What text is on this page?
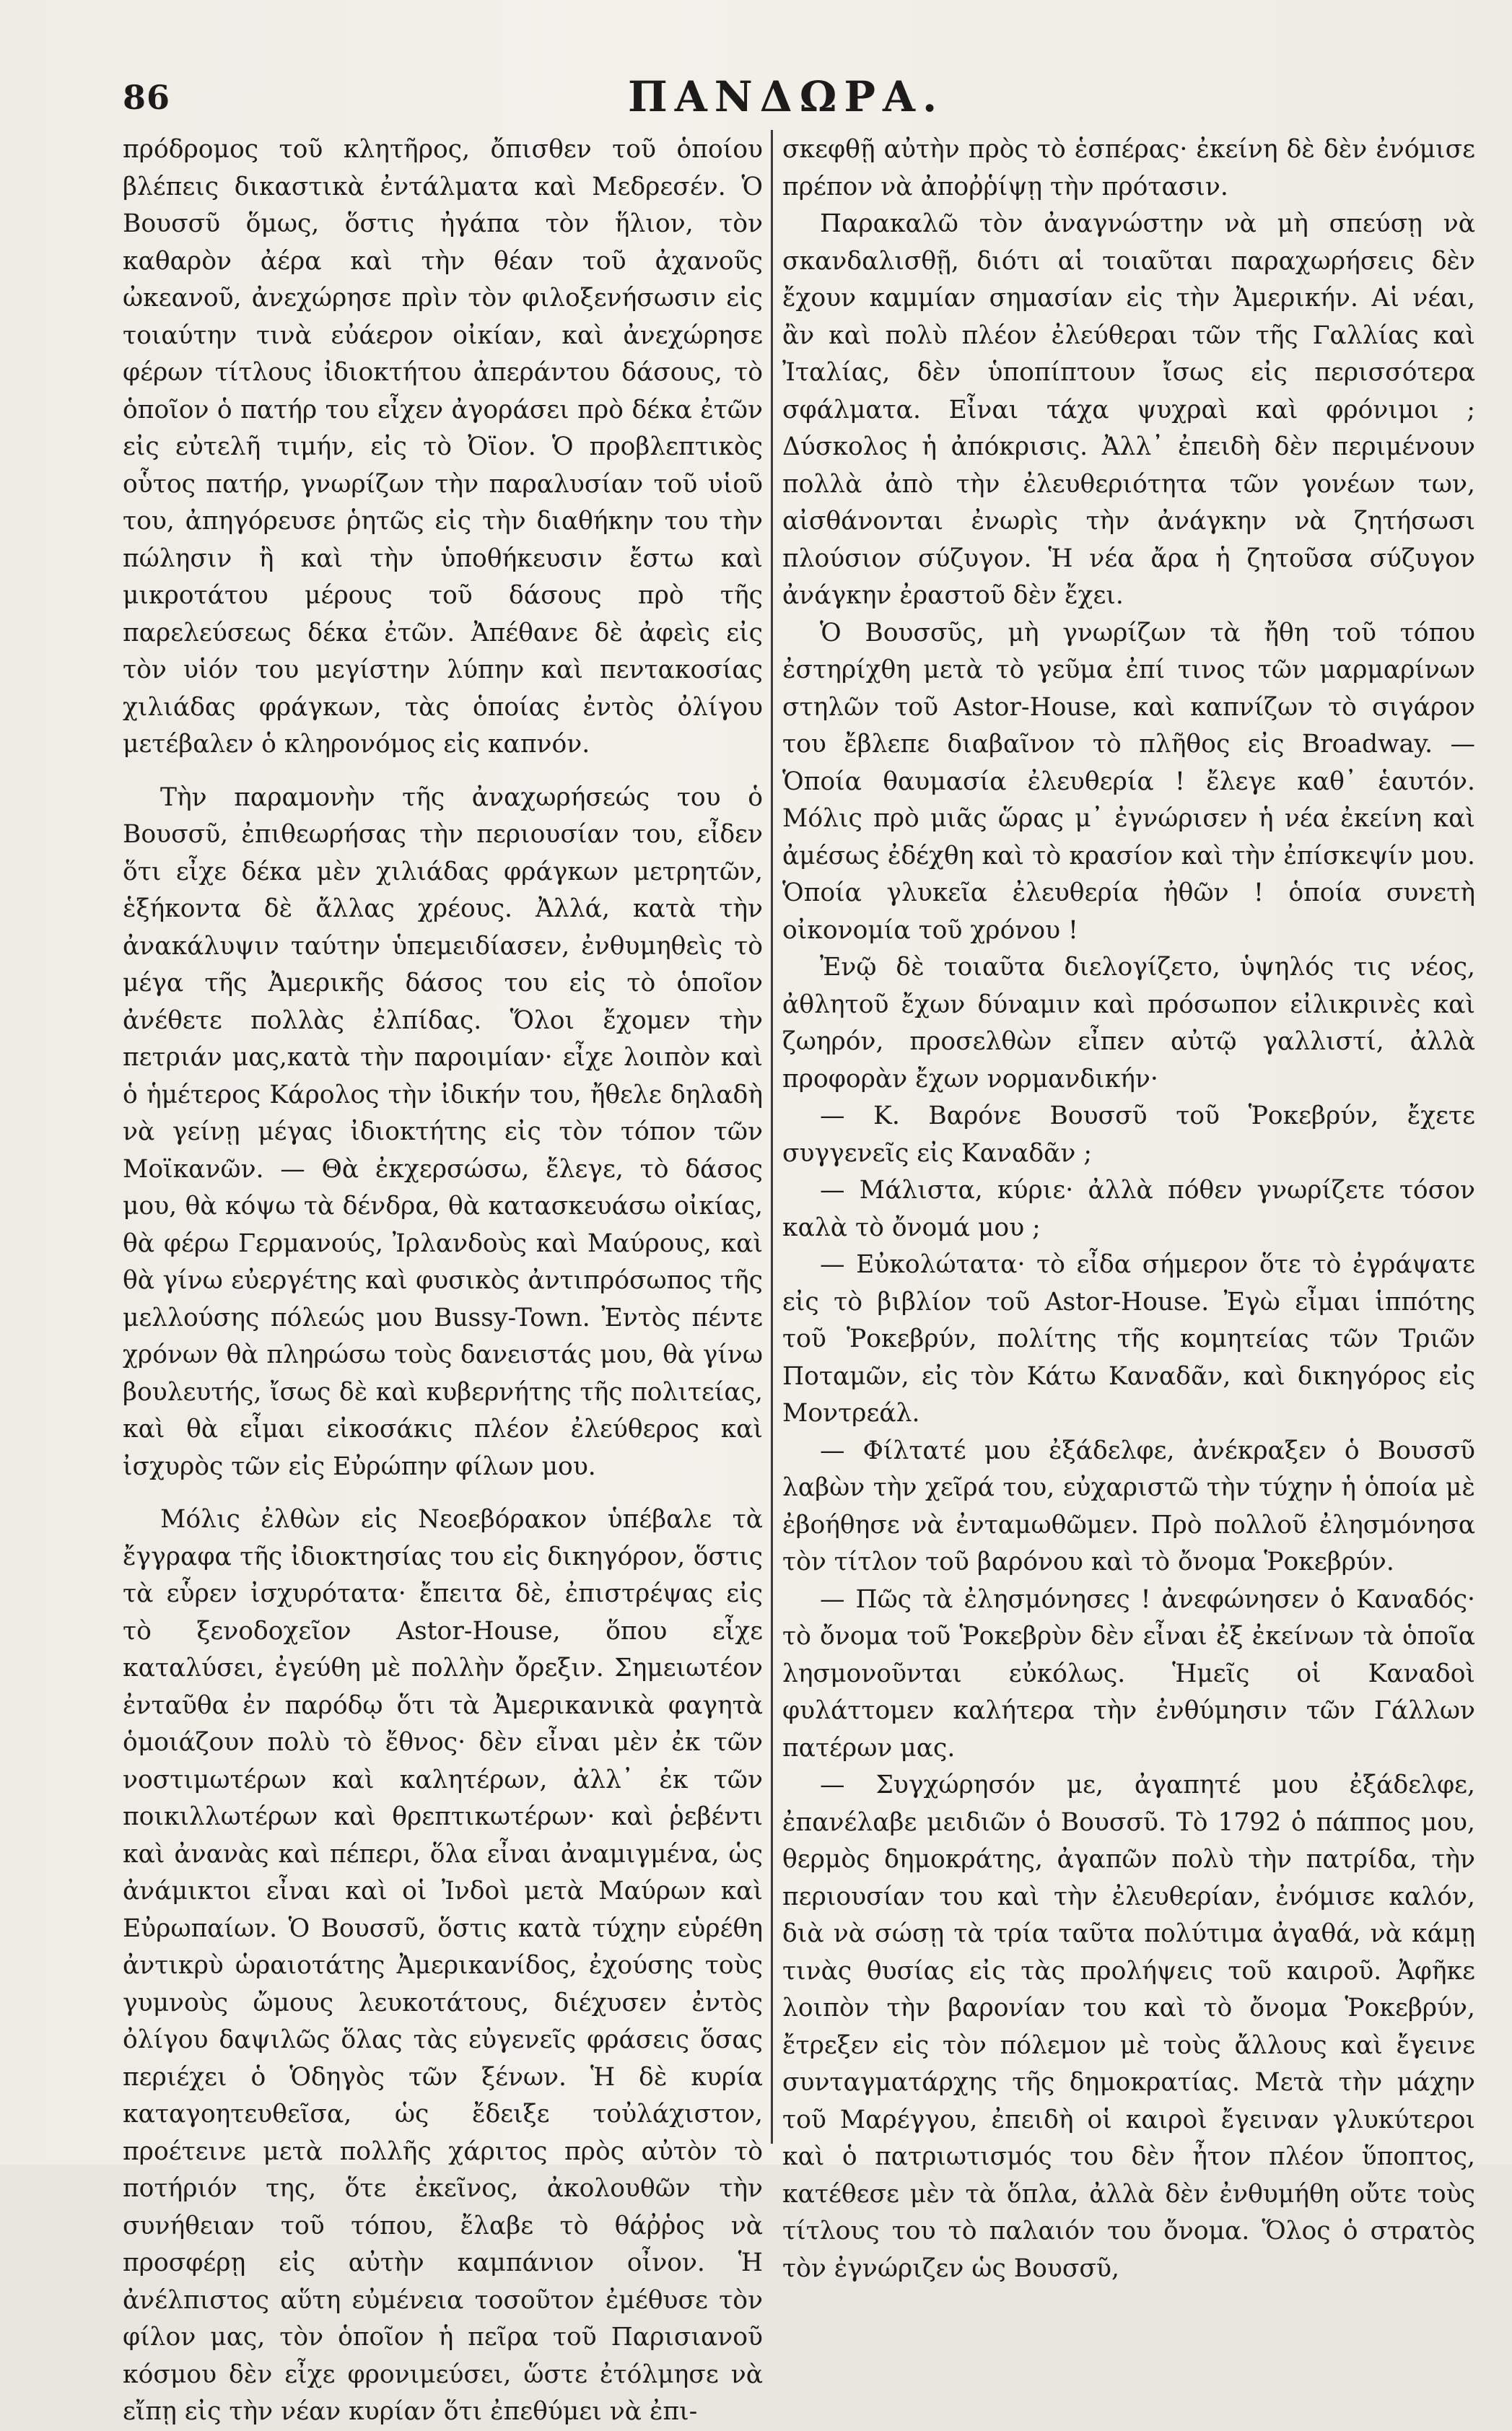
86	ΠΑΝΔΩΡΑ.

πρόδρομος τοῦ κλητῆρος, ὄπισθεν τοῦ ὁποίου βλέπεις δικαστικὰ ἐντάλματα καὶ Μεδρεσέν. Ὁ Βουσσῦ ὅμως, ὅστις ἠγάπα τὸν ἥλιον, τὸν καθαρὸν ἀέρα καὶ τὴν θέαν τοῦ ἀχανοῦς ὠκεανοῦ, ἀνεχώρησε πρὶν τὸν φιλοξενήσωσιν εἰς τοιαύτην τινὰ εὐάερον οἰκίαν, καὶ ἀνεχώρησε φέρων τίτλους ἰδιοκτήτου ἀπεράντου δάσους, τὸ ὁποῖον ὁ πατήρ του εἶχεν ἀγοράσει πρὸ δέκα ἐτῶν εἰς εὐτελῆ τιμήν, εἰς τὸ Ὀϊον. Ὁ προβλεπτικὸς οὗτος πατήρ, γνωρίζων τὴν παραλυσίαν τοῦ υἱοῦ του, ἀπηγόρευσε ῥητῶς εἰς τὴν διαθήκην του τὴν πώλησιν ἢ καὶ τὴν ὑποθήκευσιν ἔστω καὶ μικροτάτου μέρους τοῦ δάσους πρὸ τῆς παρελεύσεως δέκα ἐτῶν. Ἀπέθανε δὲ ἀφεὶς εἰς τὸν υἱόν του μεγίστην λύπην καὶ πεντακοσίας χιλιάδας φράγκων, τὰς ὁποίας ἐντὸς ὀλίγου μετέβαλεν ὁ κληρονόμος εἰς καπνόν.

Τὴν παραμονὴν τῆς ἀναχωρήσεώς του ὁ Βουσσῦ, ἐπιθεωρήσας τὴν περιουσίαν του, εἶδεν ὅτι εἶχε δέκα μὲν χιλιάδας φράγκων μετρητῶν, ἑξήκοντα δὲ ἄλλας χρέους. Ἀλλά, κατὰ τὴν ἀνακάλυψιν ταύτην ὑπεμειδίασεν, ἐνθυμηθεὶς τὸ μέγα τῆς Ἀμερικῆς δάσος του εἰς τὸ ὁποῖον ἀνέθετε πολλὰς ἐλπίδας. Ὅλοι ἔχομεν τὴν πετριάν μας,κατὰ τὴν παροιμίαν· εἶχε λοιπὸν καὶ ὁ ἡμέτερος Κάρολος τὴν ἰδικήν του, ἤθελε δηλαδὴ νὰ γείνῃ μέγας ἰδιοκτήτης εἰς τὸν τόπον τῶν Μοϊκανῶν. — Θὰ ἐκχερσώσω, ἔλεγε, τὸ δάσος μου, θὰ κόψω τὰ δένδρα, θὰ κατασκευάσω οἰκίας, θὰ φέρω Γερμανούς, Ἰρλανδοὺς καὶ Μαύρους, καὶ θὰ γίνω εὐεργέτης καὶ φυσικὸς ἀντιπρόσωπος τῆς μελλούσης πόλεώς μου Bussy-Town. Ἐντὸς πέντε χρόνων θὰ πληρώσω τοὺς δανειστάς μου, θὰ γίνω βουλευτής, ἴσως δὲ καὶ κυβερνήτης τῆς πολιτείας, καὶ θὰ εἶμαι εἰκοσάκις πλέον ἐλεύθερος καὶ ἰσχυρὸς τῶν εἰς Εὐρώπην φίλων μου.

Μόλις ἐλθὼν εἰς Νεοεβόρακον ὑπέβαλε τὰ ἔγγραφα τῆς ἰδιοκτησίας του εἰς δικηγόρον, ὅστις τὰ εὗρεν ἰσχυρότατα· ἔπειτα δὲ, ἐπιστρέψας εἰς τὸ ξενοδοχεῖον Astor-House, ὅπου εἶχε καταλύσει, ἐγεύθη μὲ πολλὴν ὄρεξιν. Σημειωτέον ἐνταῦθα ἐν παρόδῳ ὅτι τὰ Ἀμερικανικὰ φαγητὰ ὁμοιάζουν πολὺ τὸ ἔθνος· δὲν εἶναι μὲν ἐκ τῶν νοστιμωτέρων καὶ καλητέρων, ἀλλ᾽ ἐκ τῶν ποικιλλωτέρων καὶ θρεπτικωτέρων· καὶ ῥεβέντι καὶ ἀνανὰς καὶ πέπερι, ὅλα εἶναι ἀναμιγμένα, ὡς ἀνάμικτοι εἶναι καὶ οἱ Ἰνδοὶ μετὰ Μαύρων καὶ Εὐρωπαίων. Ὁ Βουσσῦ, ὅστις κατὰ τύχην εὑρέθη ἀντικρὺ ὡραιοτάτης Ἀμερικανίδος, ἐχούσης τοὺς γυμνοὺς ὤμους λευκοτάτους, διέχυσεν ἐντὸς ὀλίγου δαψιλῶς ὅλας τὰς εὐγενεῖς φράσεις ὅσας περιέχει ὁ Ὁδηγὸς τῶν ξένων. Ἡ δὲ κυρία καταγοητευθεῖσα, ὡς ἔδειξε τοὐλάχιστον, προέτεινε μετὰ πολλῆς χάριτος πρὸς αὐτὸν τὸ ποτήριόν της, ὅτε ἐκεῖνος, ἀκολουθῶν τὴν συνήθειαν τοῦ τόπου, ἔλαβε τὸ θάῤῥος νὰ προσφέρῃ εἰς αὐτὴν καμπάνιον οἶνον. Ἡ ἀνέλπιστος αὕτη εὐμένεια τοσοῦτον ἐμέθυσε τὸν φίλον μας, τὸν ὁποῖον ἡ πεῖρα τοῦ Παρισιανοῦ κόσμου δὲν εἶχε φρονιμεύσει, ὥστε ἐτόλμησε νὰ εἴπῃ εἰς τὴν νέαν κυρίαν ὅτι ἐπεθύμει νὰ ἐπι-

σκεφθῇ αὐτὴν πρὸς τὸ ἑσπέρας· ἐκείνη δὲ δὲν ἐνόμισε πρέπον νὰ ἀποῤῥίψῃ τὴν πρότασιν.

Παρακαλῶ τὸν ἀναγνώστην νὰ μὴ σπεύσῃ νὰ σκανδαλισθῇ, διότι αἱ τοιαῦται παραχωρήσεις δὲν ἔχουν καμμίαν σημασίαν εἰς τὴν Ἀμερικήν. Αἱ νέαι, ἂν καὶ πολὺ πλέον ἐλεύθεραι τῶν τῆς Γαλλίας καὶ Ἰταλίας, δὲν ὑποπίπτουν ἴσως εἰς περισσότερα σφάλματα. Εἶναι τάχα ψυχραὶ καὶ φρόνιμοι ; Δύσκολος ἡ ἀπόκρισις. Ἀλλ᾽ ἐπειδὴ δὲν περιμένουν πολλὰ ἀπὸ τὴν ἐλευθεριότητα τῶν γονέων των, αἰσθάνονται ἐνωρὶς τὴν ἀνάγκην νὰ ζητήσωσι πλούσιον σύζυγον. Ἡ νέα ἄρα ἡ ζητοῦσα σύζυγον ἀνάγκην ἐραστοῦ δὲν ἔχει.

Ὁ Βουσσῦς, μὴ γνωρίζων τὰ ἤθη τοῦ τόπου ἐστηρίχθη μετὰ τὸ γεῦμα ἐπί τινος τῶν μαρμαρίνων στηλῶν τοῦ Astor-House, καὶ καπνίζων τὸ σιγάρον του ἔβλεπε διαβαῖνον τὸ πλῆθος εἰς Broadway. — Ὁποία θαυμασία ἐλευθερία ! ἔλεγε καθ᾽ ἑαυτόν. Μόλις πρὸ μιᾶς ὥρας μ᾽ ἐγνώρισεν ἡ νέα ἐκείνη καὶ ἀμέσως ἐδέχθη καὶ τὸ κρασίον καὶ τὴν ἐπίσκεψίν μου. Ὁποία γλυκεῖα ἐλευθερία ἠθῶν ! ὁποία συνετὴ οἰκονομία τοῦ χρόνου !

Ἐνῷ δὲ τοιαῦτα διελογίζετο, ὑψηλός τις νέος, ἀθλητοῦ ἔχων δύναμιν καὶ πρόσωπον εἰλικρινὲς καὶ ζωηρόν, προσελθὼν εἶπεν αὐτῷ γαλλιστί, ἀλλὰ προφορὰν ἔχων νορμανδικήν·

— Κ. Βαρόνε Βουσσῦ τοῦ Ῥοκεβρύν, ἔχετε συγγενεῖς εἰς Καναδᾶν ;

— Μάλιστα, κύριε· ἀλλὰ πόθεν γνωρίζετε τόσον καλὰ τὸ ὄνομά μου ;

— Εὐκολώτατα· τὸ εἶδα σήμερον ὅτε τὸ ἐγράψατε εἰς τὸ βιβλίον τοῦ Astor-House. Ἐγὼ εἶμαι ἱππότης τοῦ Ῥοκεβρύν, πολίτης τῆς κομητείας τῶν Τριῶν Ποταμῶν, εἰς τὸν Κάτω Καναδᾶν, καὶ δικηγόρος εἰς Μοντρεάλ.

— Φίλτατέ μου ἐξάδελφε, ἀνέκραξεν ὁ Βουσσῦ λαβὼν τὴν χεῖρά του, εὐχαριστῶ τὴν τύχην ἡ ὁποία μὲ ἐβοήθησε νὰ ἐνταμωθῶμεν. Πρὸ πολλοῦ ἐλησμόνησα τὸν τίτλον τοῦ βαρόνου καὶ τὸ ὄνομα Ῥοκεβρύν.

— Πῶς τὰ ἐλησμόνησες ! ἀνεφώνησεν ὁ Καναδός· τὸ ὄνομα τοῦ Ῥοκεβρὺν δὲν εἶναι ἐξ ἐκείνων τὰ ὁποῖα λησμονοῦνται εὐκόλως. Ἡμεῖς οἱ Καναδοὶ φυλάττομεν καλήτερα τὴν ἐνθύμησιν τῶν Γάλλων πατέρων μας.

— Συγχώρησόν με, ἀγαπητέ μου ἐξάδελφε, ἐπανέλαβε μειδιῶν ὁ Βουσσῦ. Τὸ 1792 ὁ πάππος μου, θερμὸς δημοκράτης, ἀγαπῶν πολὺ τὴν πατρίδα, τὴν περιουσίαν του καὶ τὴν ἐλευθερίαν, ἐνόμισε καλόν, διὰ νὰ σώσῃ τὰ τρία ταῦτα πολύτιμα ἀγαθά, νὰ κάμῃ τινὰς θυσίας εἰς τὰς προλήψεις τοῦ καιροῦ. Ἀφῆκε λοιπὸν τὴν βαρονίαν του καὶ τὸ ὄνομα Ῥοκεβρύν, ἔτρεξεν εἰς τὸν πόλεμον μὲ τοὺς ἄλλους καὶ ἔγεινε συνταγματάρχης τῆς δημοκρατίας. Μετὰ τὴν μάχην τοῦ Μαρέγγου, ἐπειδὴ οἱ καιροὶ ἔγειναν γλυκύτεροι καὶ ὁ πατριωτισμός του δὲν ἦτον πλέον ὕποπτος, κατέθεσε μὲν τὰ ὅπλα, ἀλλὰ δὲν ἐνθυμήθη οὔτε τοὺς τίτλους του τὸ παλαιόν του ὄνομα. Ὅλος ὁ στρατὸς τὸν ἐγνώριζεν ὡς Βουσσῦ,
